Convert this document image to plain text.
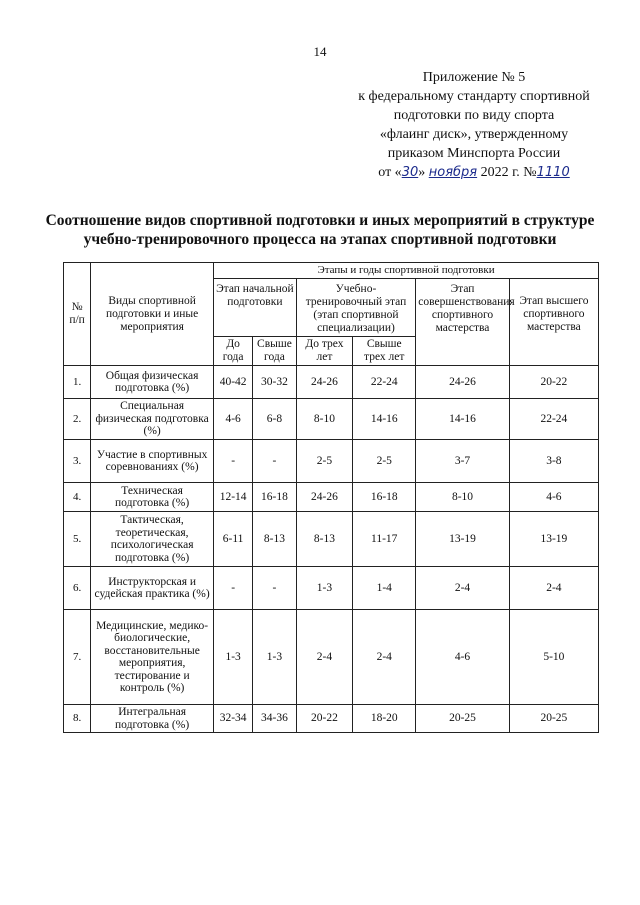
14
Приложение № 5
к федеральному стандарту спортивной
подготовки по виду спорта
«флаинг диск», утвержденному
приказом Минспорта России
от «30» ноября 2022 г. №1110
Соотношение видов спортивной подготовки и иных мероприятий в структуре
учебно-тренировочного процесса на этапах спортивной подготовки
№ п/п	Виды спортивной подготовки и иные мероприятия	Этапы и годы спортивной подготовки					
		Этап начальной подготовки		Учебно-тренировочный этап (этап спортивной специализации)		Этап совершенствования спортивного мастерства	Этап высшего спортивного мастерства
		До года	Свыше года	До трех лет	Свыше трех лет		
1.	Общая физическая подготовка (%)	40-42	30-32	24-26	22-24	24-26	20-22
2.	Специальная физическая подготовка (%)	4-6	6-8	8-10	14-16	14-16	22-24
3.	Участие в спортивных соревнованиях (%)	-	-	2-5	2-5	3-7	3-8
4.	Техническая подготовка (%)	12-14	16-18	24-26	16-18	8-10	4-6
5.	Тактическая, теоретическая, психологическая подготовка (%)	6-11	8-13	8-13	11-17	13-19	13-19
6.	Инструкторская и судейская практика (%)	-	-	1-3	1-4	2-4	2-4
7.	Медицинские, медико-биологические, восстановительные мероприятия, тестирование и контроль (%)	1-3	1-3	2-4	2-4	4-6	5-10
8.	Интегральная подготовка (%)	32-34	34-36	20-22	18-20	20-25	20-25
